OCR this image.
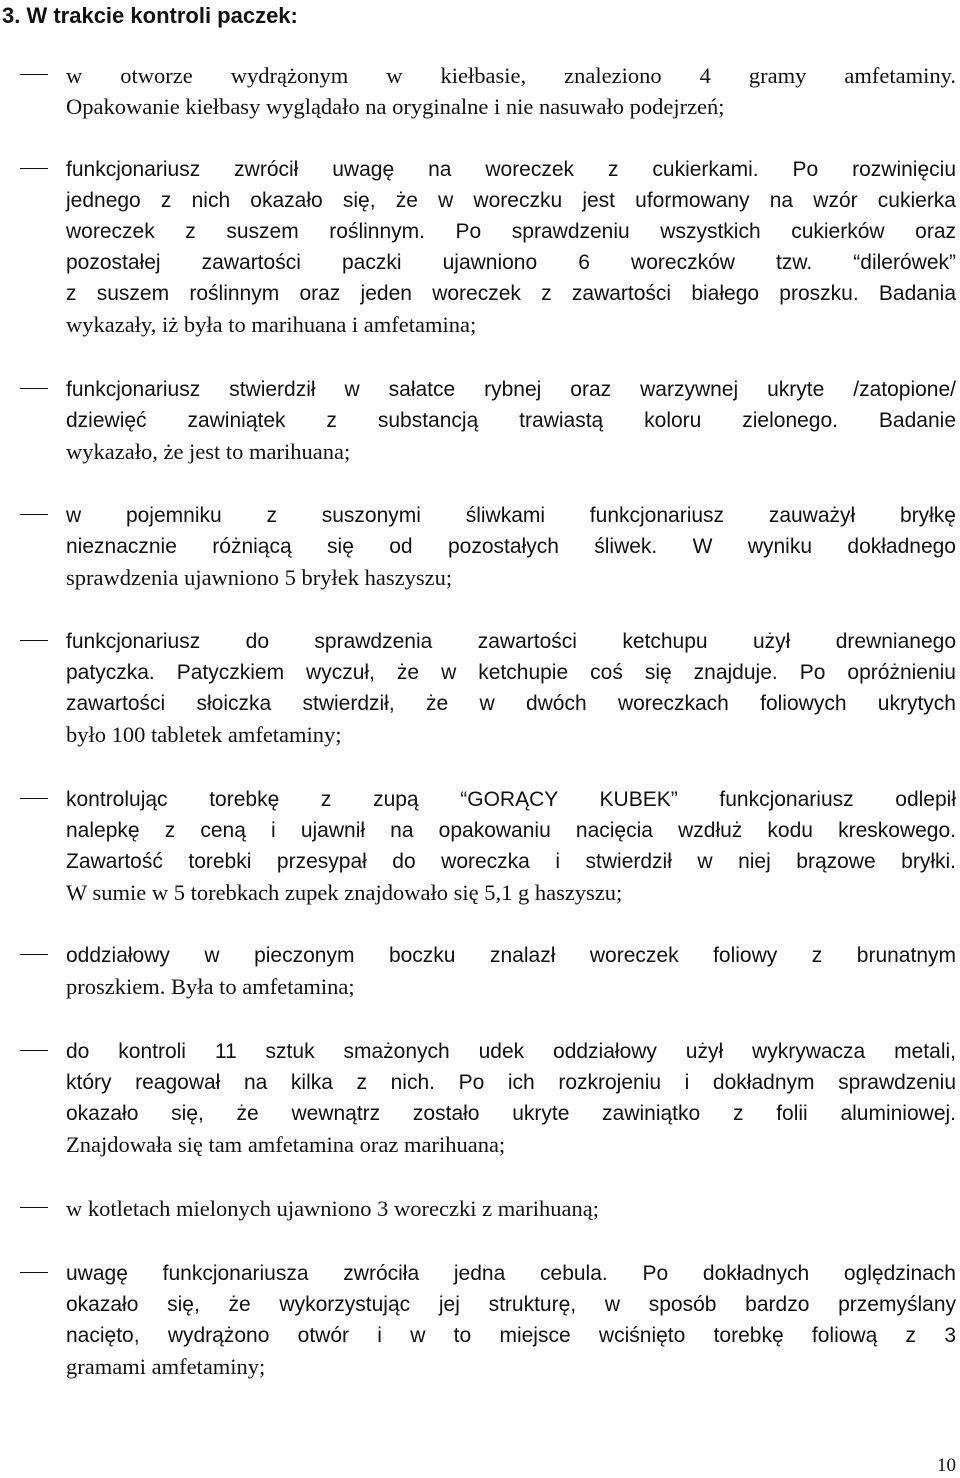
3. W trakcie kontroli paczek:
w otworze wydrążonym w kiełbasie, znaleziono 4 gramy amfetaminy.
Opakowanie kiełbasy wyglądało na oryginalne i nie nasuwało podejrzeń;
funkcjonariusz zwrócił uwagę na woreczek z cukierkami. Po rozwinięciu
jednego z nich okazało się, że w woreczku jest uformowany na wzór cukierka
woreczek z suszem roślinnym. Po sprawdzeniu wszystkich cukierków oraz
pozostałej zawartości paczki ujawniono 6 woreczków tzw. “dilerówek”
z suszem roślinnym oraz jeden woreczek z zawartości białego proszku. Badania
wykazały, iż była to marihuana i amfetamina;
funkcjonariusz stwierdził w sałatce rybnej oraz warzywnej ukryte /zatopione/
dziewięć zawiniątek z substancją trawiastą koloru zielonego. Badanie
wykazało, że jest to marihuana;
w pojemniku z suszonymi śliwkami funkcjonariusz zauważył bryłkę
nieznacznie różniącą się od pozostałych śliwek. W wyniku dokładnego
sprawdzenia ujawniono 5 bryłek haszyszu;
funkcjonariusz do sprawdzenia zawartości ketchupu użył drewnianego
patyczka. Patyczkiem wyczuł, że w ketchupie coś się znajduje. Po opróżnieniu
zawartości słoiczka stwierdził, że w dwóch woreczkach foliowych ukrytych
było 100 tabletek amfetaminy;
kontrolując torebkę z zupą “GORĄCY KUBEK” funkcjonariusz odlepił
nalepkę z ceną i ujawnił na opakowaniu nacięcia wzdłuż kodu kreskowego.
Zawartość torebki przesypał do woreczka i stwierdził w niej brązowe bryłki.
W sumie w 5 torebkach zupek znajdowało się 5,1 g haszyszu;
oddziałowy w pieczonym boczku znalazł woreczek foliowy z brunatnym
proszkiem. Była to amfetamina;
do kontroli 11 sztuk smażonych udek oddziałowy użył wykrywacza metali,
który reagował na kilka z nich. Po ich rozkrojeniu i dokładnym sprawdzeniu
okazało się, że wewnątrz zostało ukryte zawiniątko z folii aluminiowej.
Znajdowała się tam amfetamina oraz marihuana;
w kotletach mielonych ujawniono 3 woreczki z marihuaną;
uwagę funkcjonariusza zwróciła jedna cebula. Po dokładnych oględzinach
okazało się, że wykorzystując jej strukturę, w sposób bardzo przemyślany
nacięto, wydrążono otwór i w to miejsce wciśnięto torebkę foliową z 3
gramami amfetaminy;
10
